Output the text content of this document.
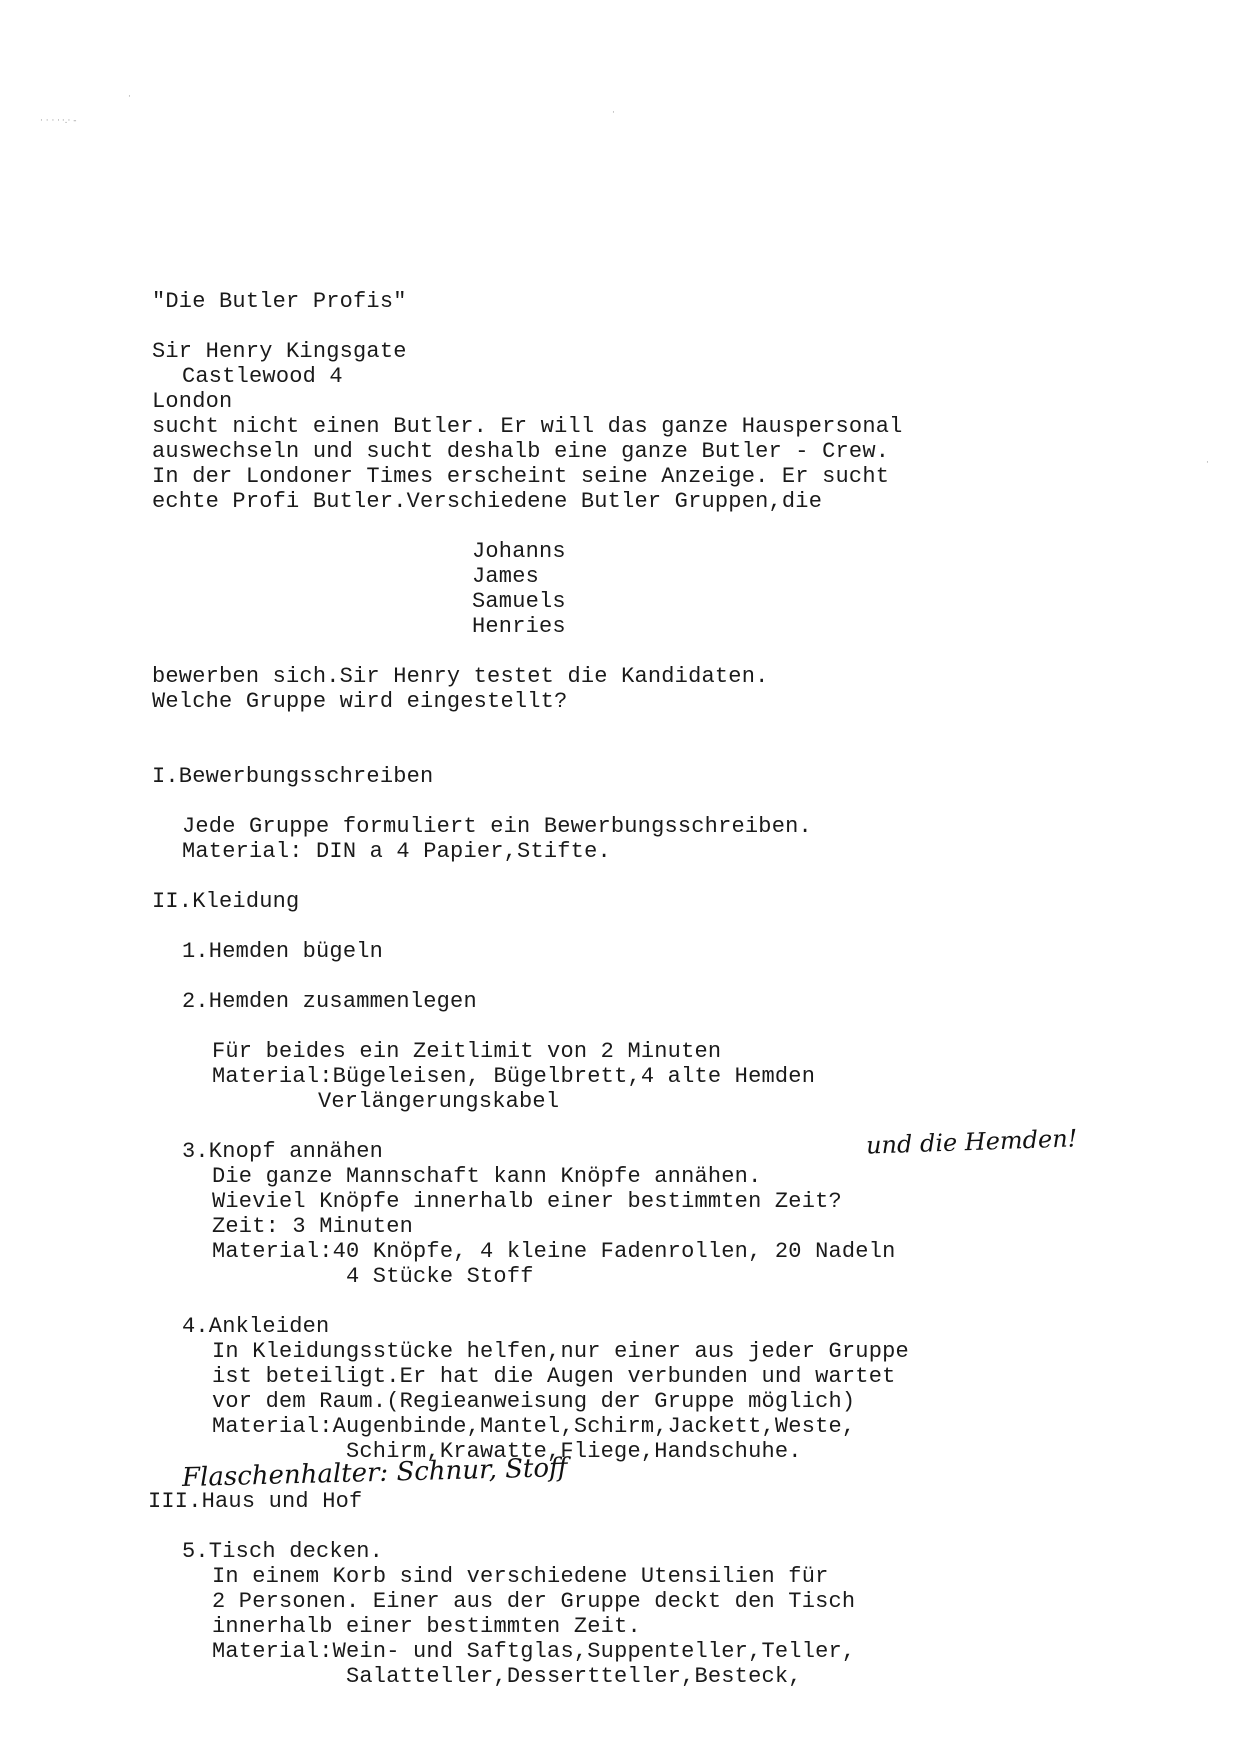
·
· · · · ·.· -
·
·
"Die Butler Profis"
Sir Henry Kingsgate
Castlewood 4
London
sucht nicht einen Butler. Er will das ganze Hauspersonal
auswechseln und sucht deshalb eine ganze Butler - Crew.
In der Londoner Times erscheint seine Anzeige. Er sucht
echte Profi Butler.Verschiedene Butler Gruppen,die
Johanns
James
Samuels
Henries
bewerben sich.Sir Henry testet die Kandidaten.
Welche Gruppe wird eingestellt?
I.Bewerbungsschreiben
Jede Gruppe formuliert ein Bewerbungsschreiben.
Material: DIN a 4 Papier,Stifte.
II.Kleidung
1.Hemden bügeln
2.Hemden zusammenlegen
Für beides ein Zeitlimit von 2 Minuten
Material:Bügeleisen, Bügelbrett,4 alte Hemden
Verlängerungskabel
3.Knopf annähen	und die Hemden!
Die ganze Mannschaft kann Knöpfe annähen.
Wieviel Knöpfe innerhalb einer bestimmten Zeit?
Zeit: 3 Minuten
Material:40 Knöpfe, 4 kleine Fadenrollen, 20 Nadeln
4 Stücke Stoff
4.Ankleiden
In Kleidungsstücke helfen,nur einer aus jeder Gruppe
ist beteiligt.Er hat die Augen verbunden und wartet
vor dem Raum.(Regieanweisung der Gruppe möglich)
Material:Augenbinde,Mantel,Schirm,Jackett,Weste,
Schirm,Krawatte,Fliege,Handschuhe.
Flaschenhalter: Schnur, Stoff
III.Haus und Hof
5.Tisch decken.
In einem Korb sind verschiedene Utensilien für
2 Personen. Einer aus der Gruppe deckt den Tisch
innerhalb einer bestimmten Zeit.
Material:Wein- und Saftglas,Suppenteller,Teller,
Salatteller,Dessertteller,Besteck,
